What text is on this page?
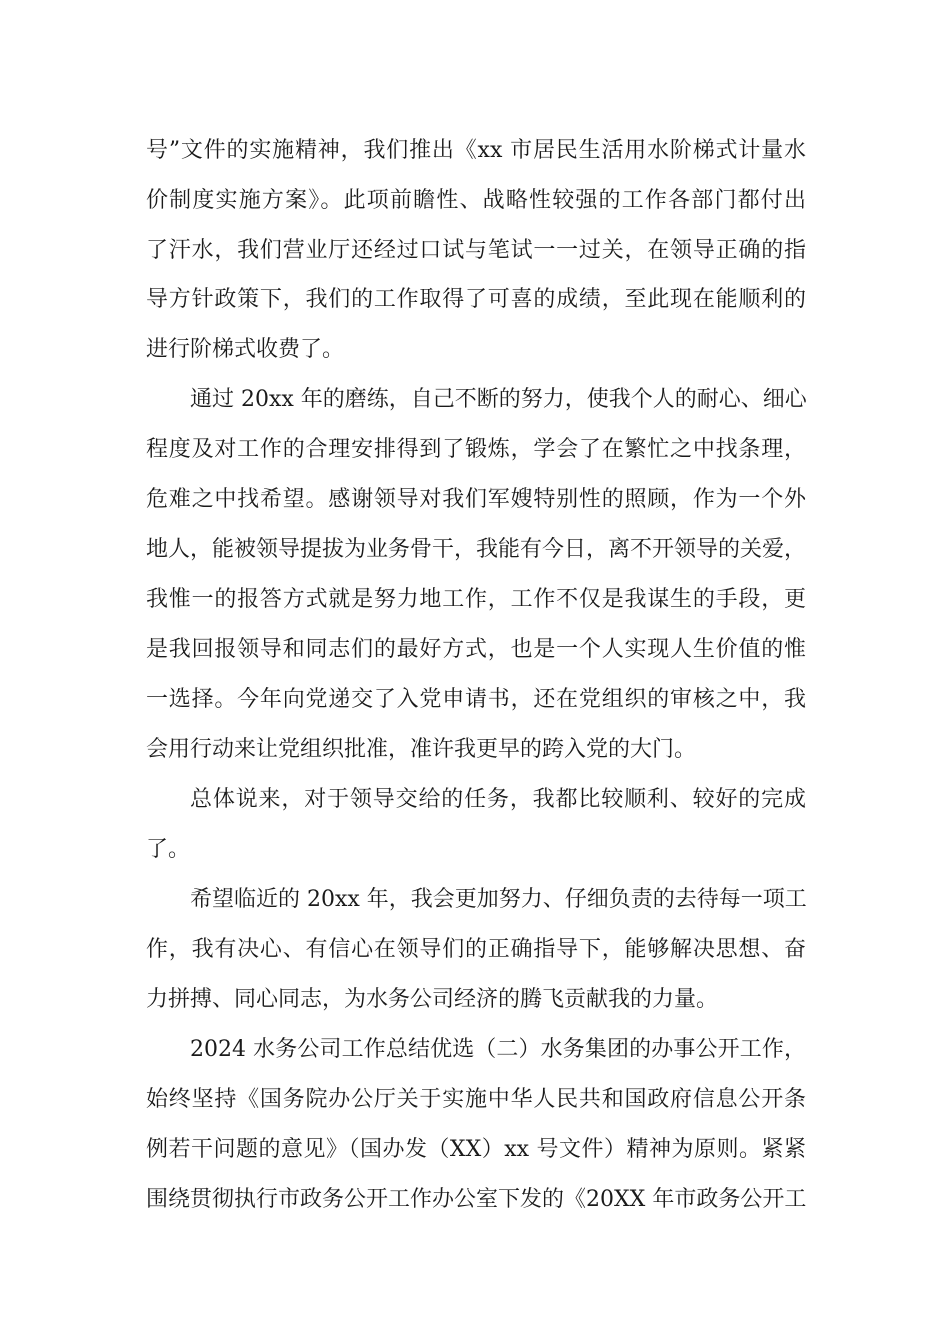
号”文件的实施精神，我们推出《xx 市居民生活用水阶梯式计量水
价制度实施方案》。此项前瞻性、战略性较强的工作各部门都付出
了汗水，我们营业厅还经过口试与笔试一一过关，在领导正确的指
导方针政策下，我们的工作取得了可喜的成绩，至此现在能顺利的
进行阶梯式收费了。
通过 20xx 年的磨练，自己不断的努力，使我个人的耐心、细心
程度及对工作的合理安排得到了锻炼，学会了在繁忙之中找条理，
危难之中找希望。感谢领导对我们军嫂特别性的照顾，作为一个外
地人，能被领导提拔为业务骨干，我能有今日，离不开领导的关爱，
我惟一的报答方式就是努力地工作，工作不仅是我谋生的手段，更
是我回报领导和同志们的最好方式，也是一个人实现人生价值的惟
一选择。今年向党递交了入党申请书，还在党组织的审核之中，我
会用行动来让党组织批准，准许我更早的跨入党的大门。
总体说来，对于领导交给的任务，我都比较顺利、较好的完成
了。
希望临近的 20xx 年，我会更加努力、仔细负责的去待每一项工
作，我有决心、有信心在领导们的正确指导下，能够解决思想、奋
力拼搏、同心同志，为水务公司经济的腾飞贡献我的力量。
2024 水务公司工作总结优选（二）水务集团的办事公开工作，
始终坚持《国务院办公厅关于实施中华人民共和国政府信息公开条
例若干问题的意见》（国办发（XX）xx 号文件）精神为原则。紧紧
围绕贯彻执行市政务公开工作办公室下发的《20XX 年市政务公开工
